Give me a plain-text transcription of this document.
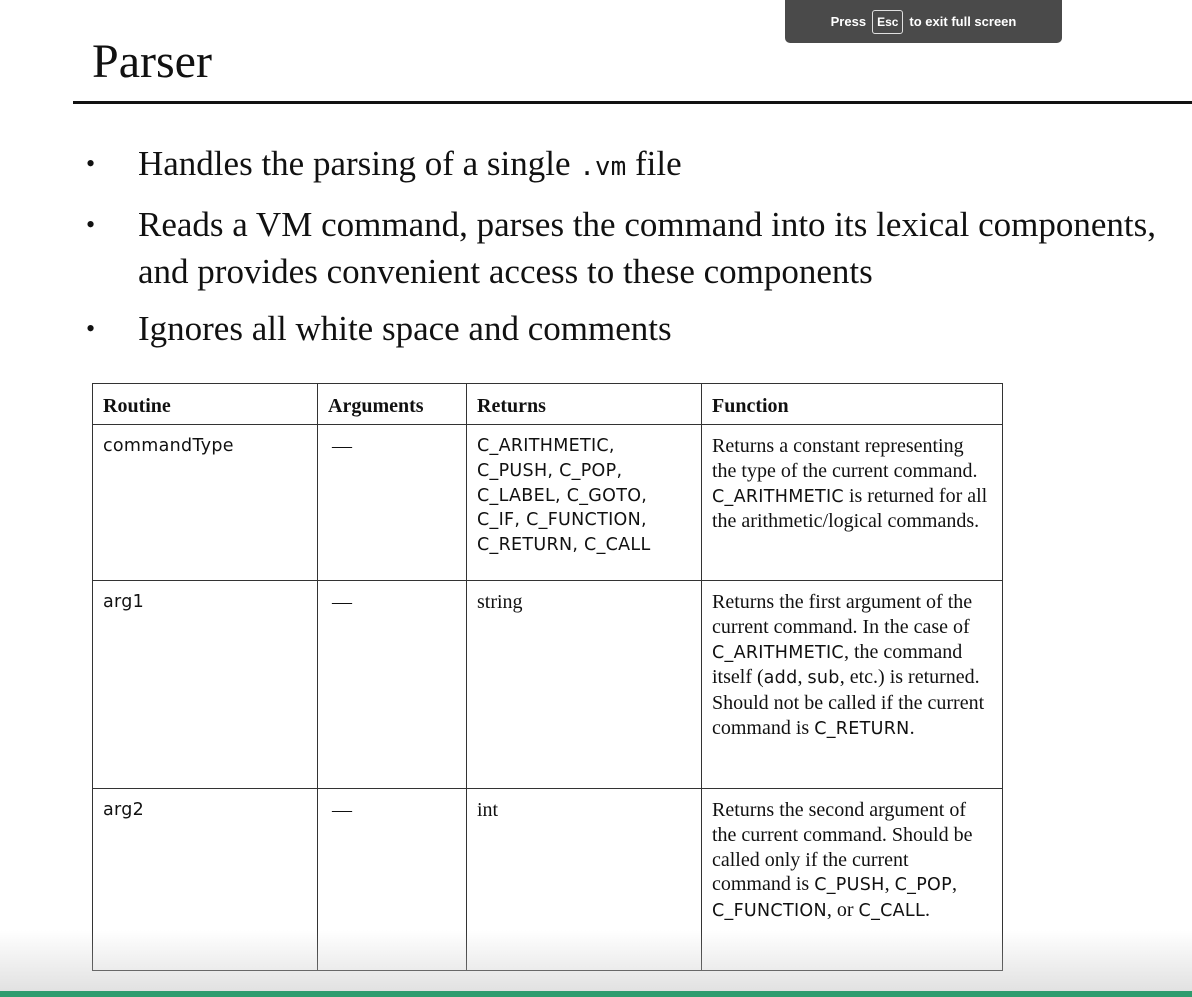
Press Esc to exit full screen
Parser
• Handles the parsing of a single .vm file
• Reads a VM command, parses the command into its lexical components, and provides convenient access to these components
• Ignores all white space and comments
Routine	Arguments	Returns	Function
commandType	—	C_ARITHMETIC, C_PUSH, C_POP, C_LABEL, C_GOTO, C_IF, C_FUNCTION, C_RETURN, C_CALL	Returns a constant representing the type of the current command. C_ARITHMETIC is returned for all the arithmetic/logical commands.
arg1	—	string	Returns the first argument of the current command. In the case of C_ARITHMETIC, the command itself (add, sub, etc.) is returned. Should not be called if the current command is C_RETURN.
arg2	—	int	Returns the second argument of the current command. Should be called only if the current command is C_PUSH, C_POP, C_FUNCTION, or C_CALL.
